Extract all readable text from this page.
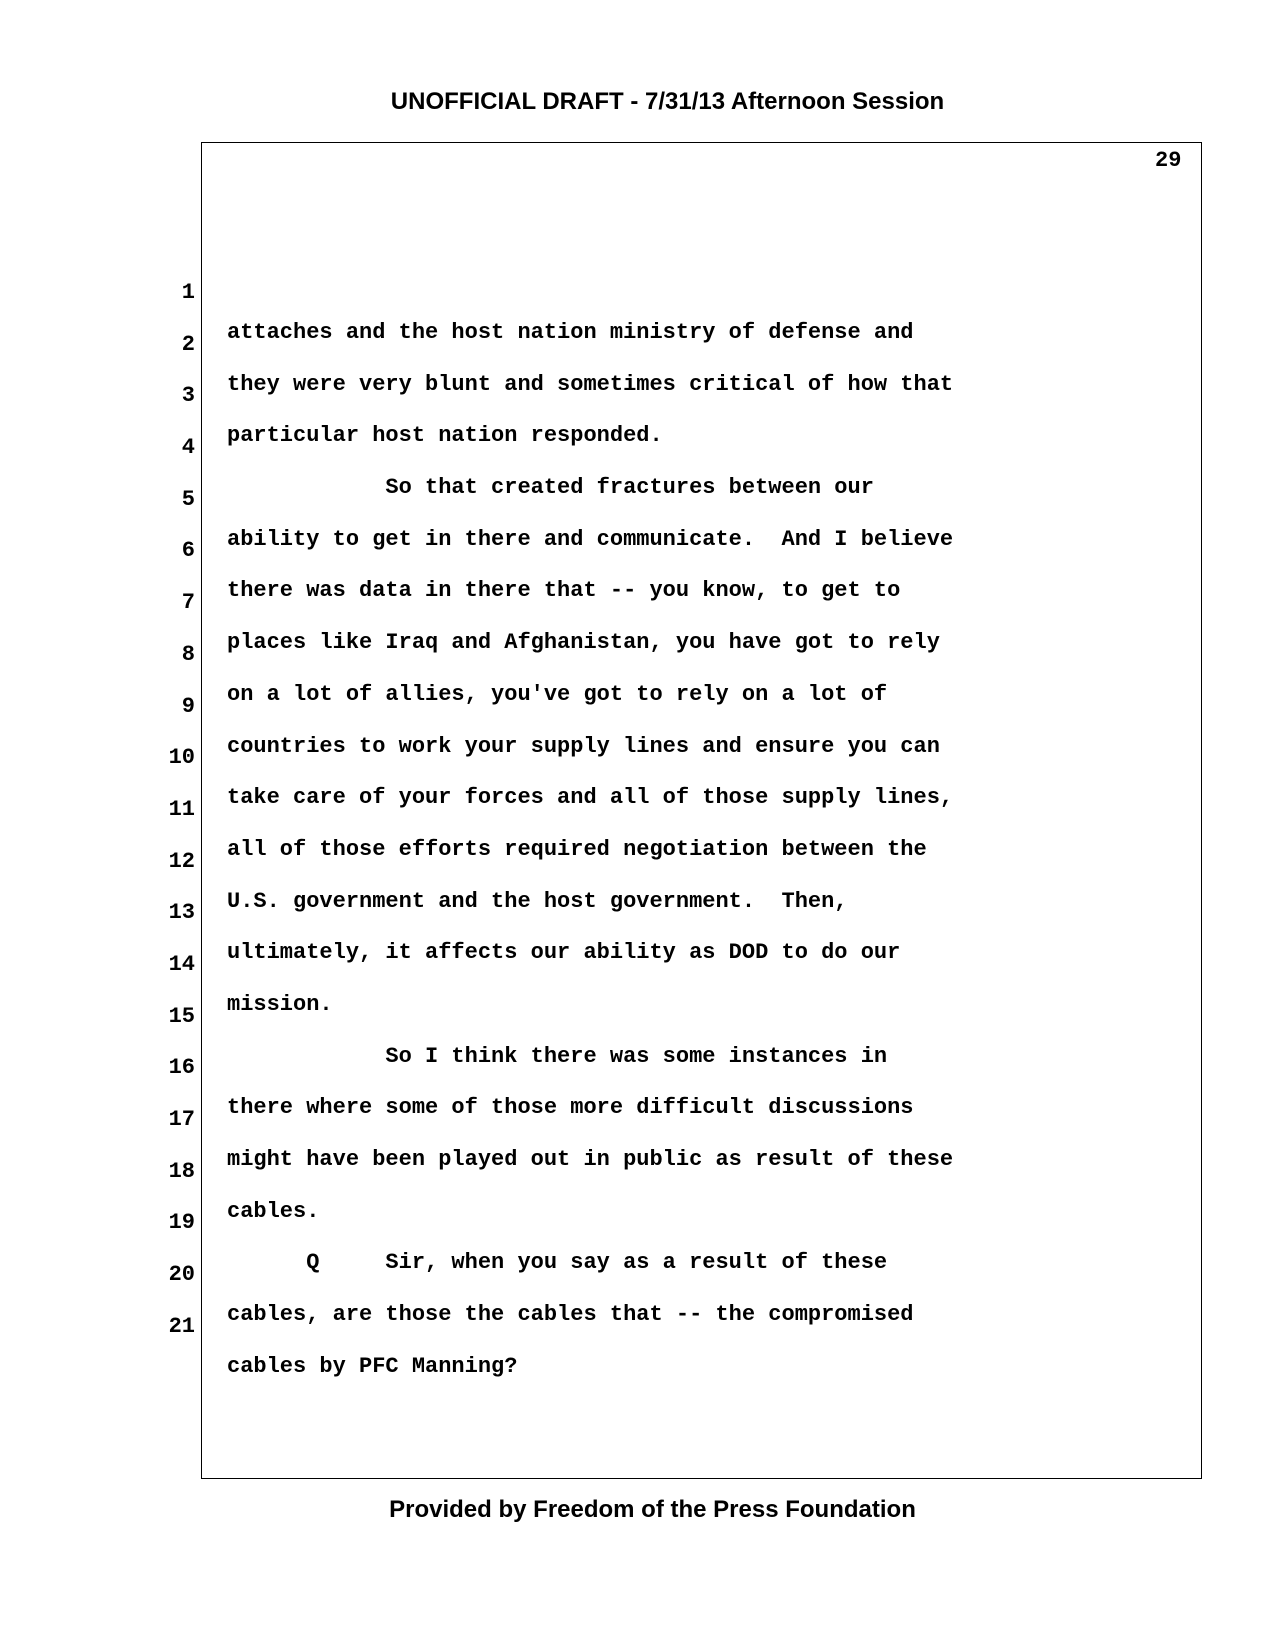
UNOFFICIAL DRAFT - 7/31/13 Afternoon Session
29

1

attaches and the host nation ministry of defense and

2

they were very blunt and sometimes critical of how that

3

particular host nation responded.

4

So that created fractures between our

5

ability to get in there and communicate.  And I believe

6

there was data in there that -- you know, to get to

7

places like Iraq and Afghanistan, you have got to rely

8

on a lot of allies, you've got to rely on a lot of

9

countries to work your supply lines and ensure you can

10

take care of your forces and all of those supply lines,

11

all of those efforts required negotiation between the

12

U.S. government and the host government.  Then,

13

ultimately, it affects our ability as DOD to do our

14

mission.

15

So I think there was some instances in

16

there where some of those more difficult discussions

17

might have been played out in public as result of these

18

cables.

19

Q     Sir, when you say as a result of these

20

cables, are those the cables that -- the compromised

21

cables by PFC Manning?

Provided by Freedom of the Press Foundation
